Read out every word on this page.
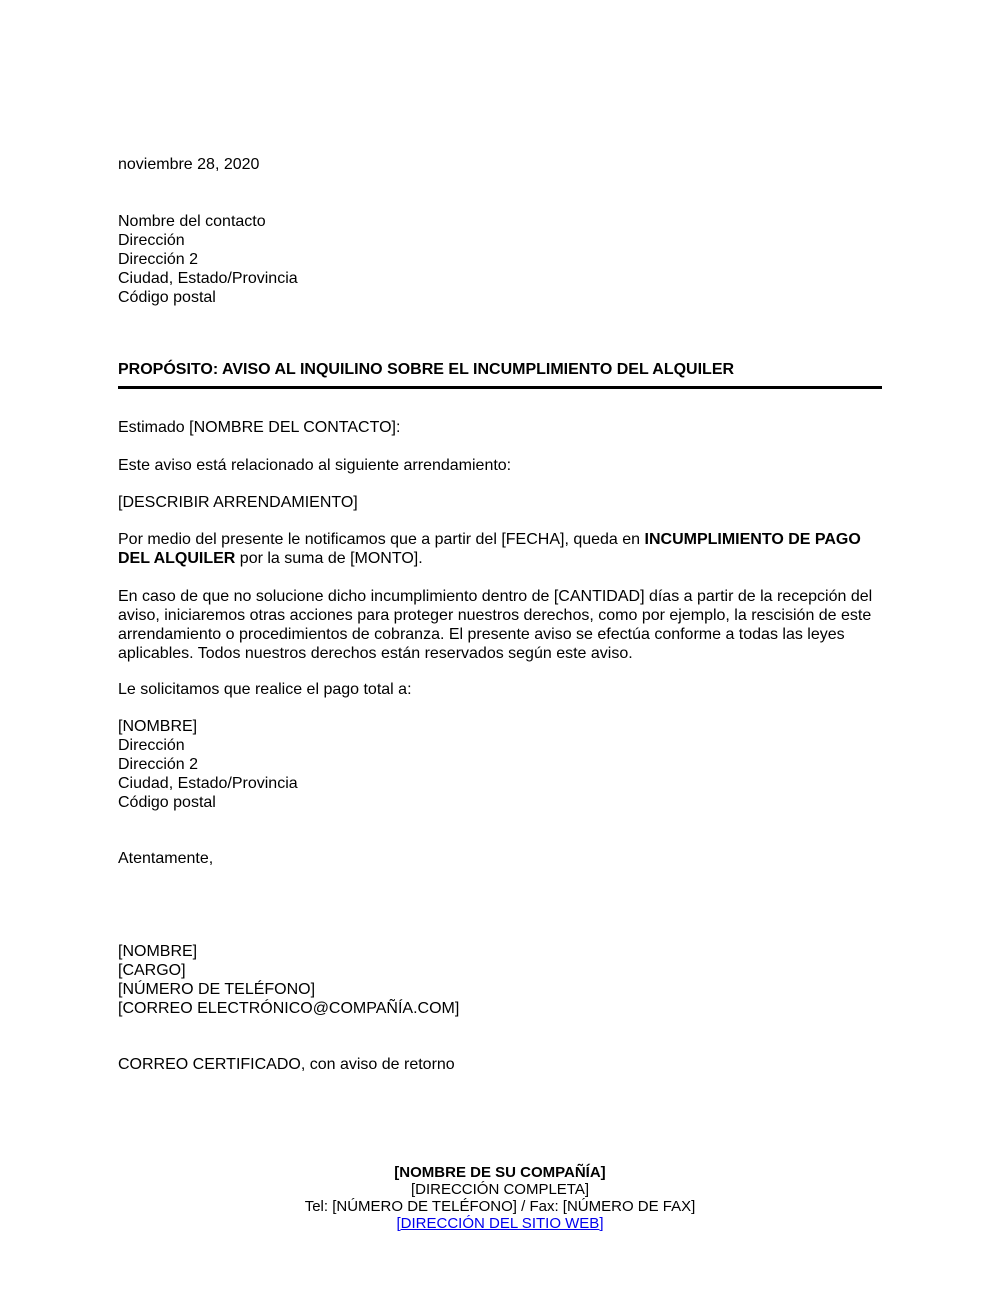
noviembre 28, 2020
Nombre del contacto
Dirección
Dirección 2
Ciudad, Estado/Provincia
Código postal
PROPÓSITO: AVISO AL INQUILINO SOBRE EL INCUMPLIMIENTO DEL ALQUILER
Estimado [NOMBRE DEL CONTACTO]:
Este aviso está relacionado al siguiente arrendamiento:
[DESCRIBIR ARRENDAMIENTO]
Por medio del presente le notificamos que a partir del [FECHA], queda en INCUMPLIMIENTO DE PAGO DEL ALQUILER por la suma de [MONTO].
En caso de que no solucione dicho incumplimiento dentro de [CANTIDAD] días a partir de la recepción del aviso, iniciaremos otras acciones para proteger nuestros derechos, como por ejemplo, la rescisión de este arrendamiento o procedimientos de cobranza. El presente aviso se efectúa conforme a todas las leyes aplicables. Todos nuestros derechos están reservados según este aviso.
Le solicitamos que realice el pago total a:
[NOMBRE]
Dirección
Dirección 2
Ciudad, Estado/Provincia
Código postal
Atentamente,
[NOMBRE]
[CARGO]
[NÚMERO DE TELÉFONO]
[CORREO ELECTRÓNICO@COMPAÑÍA.COM]
CORREO CERTIFICADO, con aviso de retorno
[NOMBRE DE SU COMPAÑÍA]
[DIRECCIÓN COMPLETA]
Tel: [NÚMERO DE TELÉFONO] / Fax: [NÚMERO DE FAX]
[DIRECCIÓN DEL SITIO WEB]
